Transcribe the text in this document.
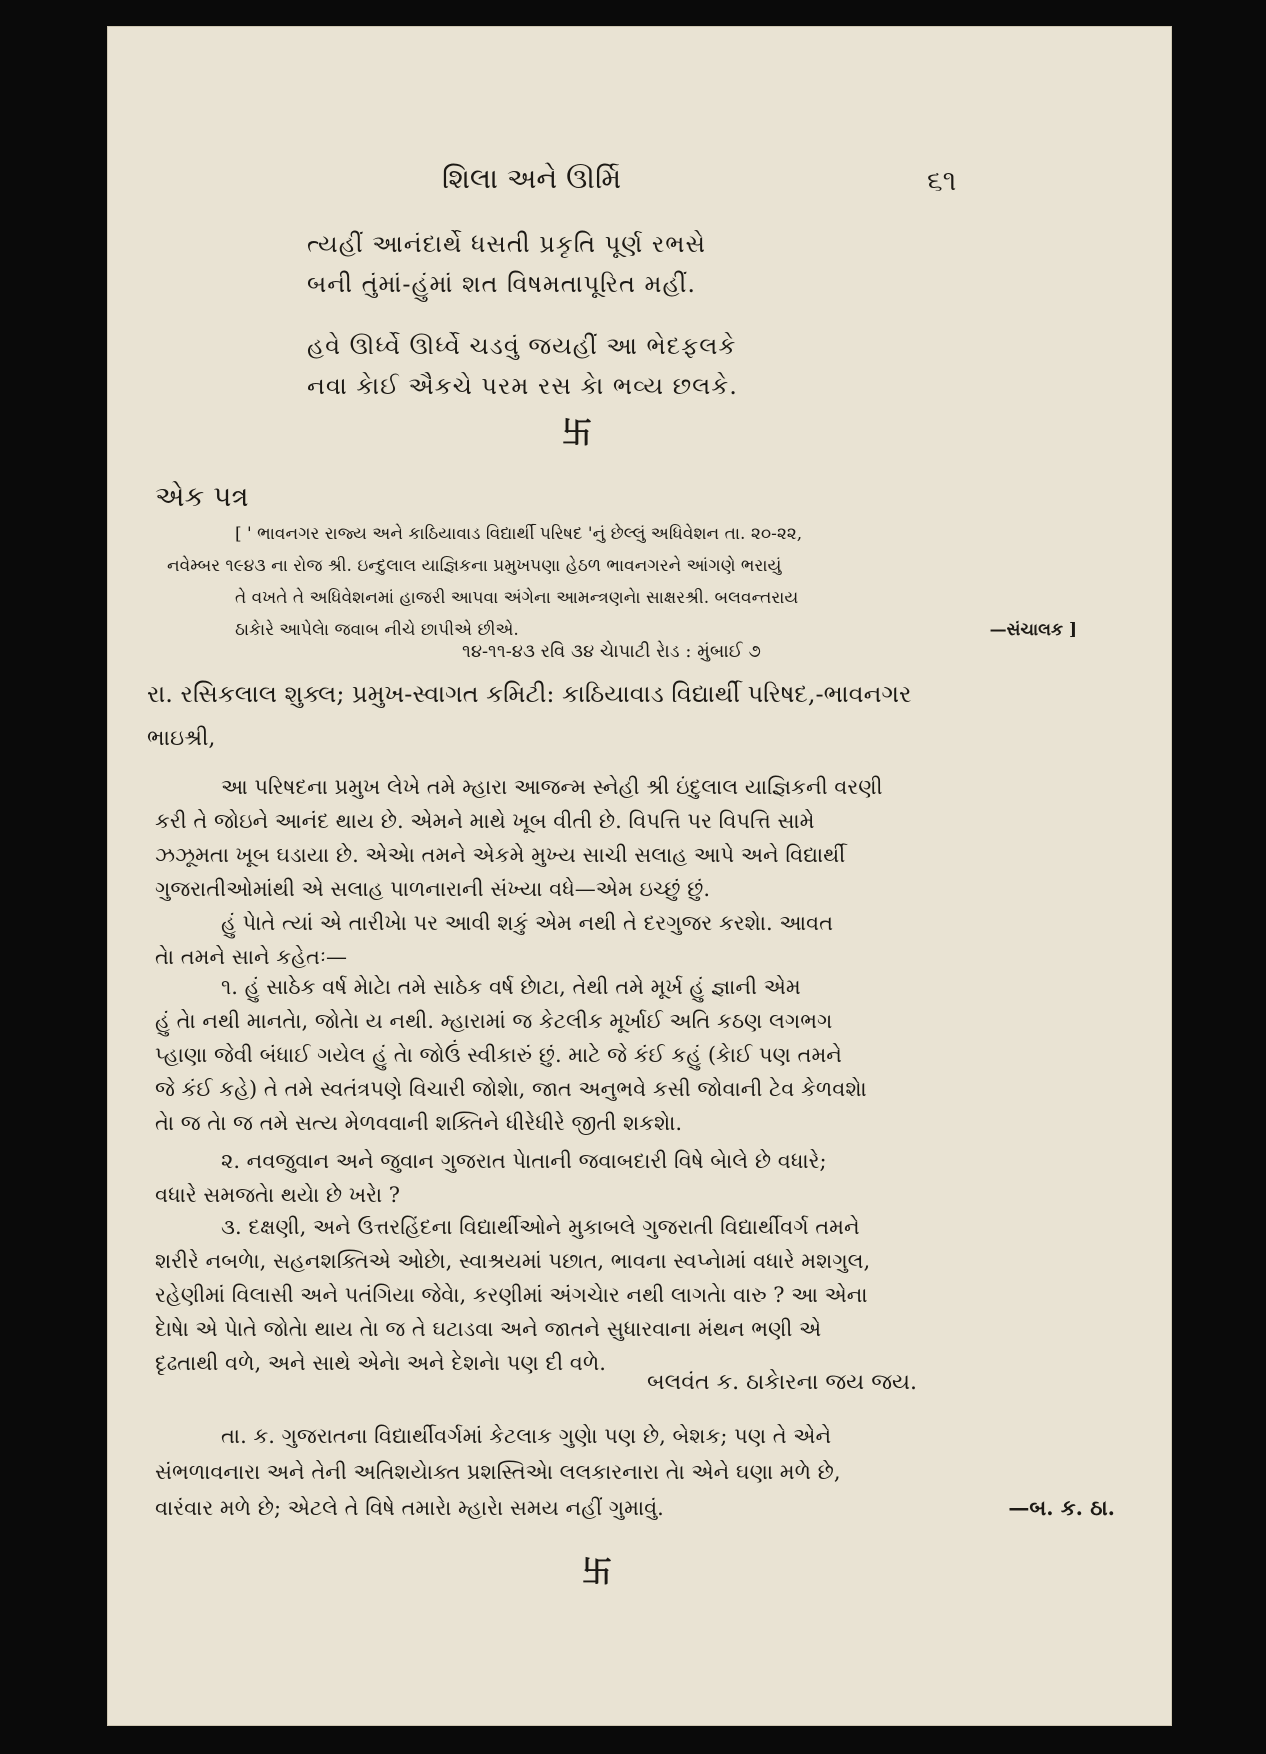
શિલા અને ઊર્મિ	૬૧
ત્યહીં આનંદાર્થે ધસતી પ્રકૃતિ પૂર્ણ રભસે
બની તુંમાં-હુંમાં શત વિષમતાપૂરિત મહીં.
હવે ઊર્ધ્વે ઊર્ધ્વે ચડવું જયહીં આ ભેદફલકે
નવા કેાઈ ઐકચે પરમ રસ કેા ભવ્ય છલકે.
卐
એક પત્ર
[ ' ભાવનગર રાજ્ય અને કાઠિયાવાડ વિદ્યાર્થી પરિષદ 'નું છેલ્લું અધિવેશન તા. ૨૦-૨૨,
નવેમ્બર ૧૯૪૩ ના રોજ શ્રી. ઇન્દુલાલ યાજ્ઞિકના પ્રમુખપણા હેઠળ ભાવનગરને આંગણે ભરાયું
તે વખતે તે અધિવેશનમાં હાજરી આપવા અંગેના આમન્ત્રણનેા સાક્ષરશ્રી. બલવન્તરાય
ઠાકેારે આપેલેા જવાબ નીચે છાપીએ છીએ.	—સંચાલક ]
૧૪-૧૧-૪૩ રવિ ૩૪ ચેાપાટી રેાડ : મુંબાઈ ૭
રા. રસિકલાલ શુક્લ; પ્રમુખ-સ્વાગત કમિટી: કાઠિયાવાડ વિદ્યાર્થી પરિષદ,-ભાવનગર
ભાઇશ્રી,
આ પરિષદના પ્રમુખ લેખે તમે મ્હારા આજન્મ સ્નેહી શ્રી ઇંદુલાલ યાજ્ઞિકની વરણી
કરી તે જોઇને આનંદ થાય છે. એમને માથે ખૂબ વીતી છે. વિપત્તિ પર વિપત્તિ સામે
ઝઝૂમતા ખૂબ ઘડાયા છે. એએા તમને એકમે મુખ્ય સાચી સલાહ આપે અને વિદ્યાર્થી
ગુજરાતીઓમાંથી એ સલાહ પાળનારાની સંખ્યા વધે—એમ ઇચ્છું છું.
હું પેાતે ત્યાં એ તારીખેા પર આવી શકું એમ નથી તે દરગુજર કરશેા. આવત
તેા તમને સાને કહેતઃ—
૧. હું સાઠેક વર્ષ મેાટેા તમે સાઠેક વર્ષ છેાટા, તેથી તમે મૂર્ખ હું જ્ઞાની એમ
હું તેા નથી માનતેા, જોતેા ય નથી. મ્હારામાં જ કેટલીક મૂર્ખાઈ અતિ કઠણ લગભગ
પ્હાણા જેવી બંધાઈ ગયેલ હું તેા જોઉં સ્વીકારું છું. માટે જે કંઈ કહું (કેાઈ પણ તમને
જે કંઈ કહે) તે તમે સ્વતંત્રપણે વિચારી જોશેા, જાત અનુભવે કસી જોવાની ટેવ કેળવશેા
તેા જ તેા જ તમે સત્ય મેળવવાની શક્તિને ધીરેધીરે જીતી શકશેા.
૨. નવજુવાન અને જુવાન ગુજરાત પેાતાની જવાબદારી વિષે બેાલે છે વધારે;
વધારે સમજતેા થયેા છે ખરેા ?
૩. દક્ષણી, અને ઉત્તરહિંદના વિદ્યાર્થીઓને મુકાબલે ગુજરાતી વિદ્યાર્થીવર્ગ તમને
શરીરે નબળેા, સહનશક્તિએ ઓછેા, સ્વાશ્રયમાં પછાત, ભાવના સ્વપ્નેામાં વધારે મશગુલ,
રહેણીમાં વિલાસી અને પતંગિયા જેવેા, કરણીમાં અંગચેાર નથી લાગતેા વારુ ? આ એના
દેાષેા એ પેાતે જોતેા થાય તેા જ તે ઘટાડવા અને જાતને સુધારવાના મંથન ભણી એ
દૃઢતાથી વળે, અને સાથે એનેા અને દેશનેા પણ દી વળે.
બલવંત ક. ઠાકેારના જય જય.
તા. ક. ગુજરાતના વિદ્યાર્થીવર્ગમાં કેટલાક ગુણેા પણ છે, બેશક; પણ તે એને
સંભળાવનારા અને તેની અતિશયેાક્ત પ્રશસ્તિએા લલકારનારા તેા એને ઘણા મળે છે,
વારંવાર મળે છે; એટલે તે વિષે તમારેા મ્હારેા સમય નહીં ગુમાવું.	—બ. ક. ઠા.
卐
